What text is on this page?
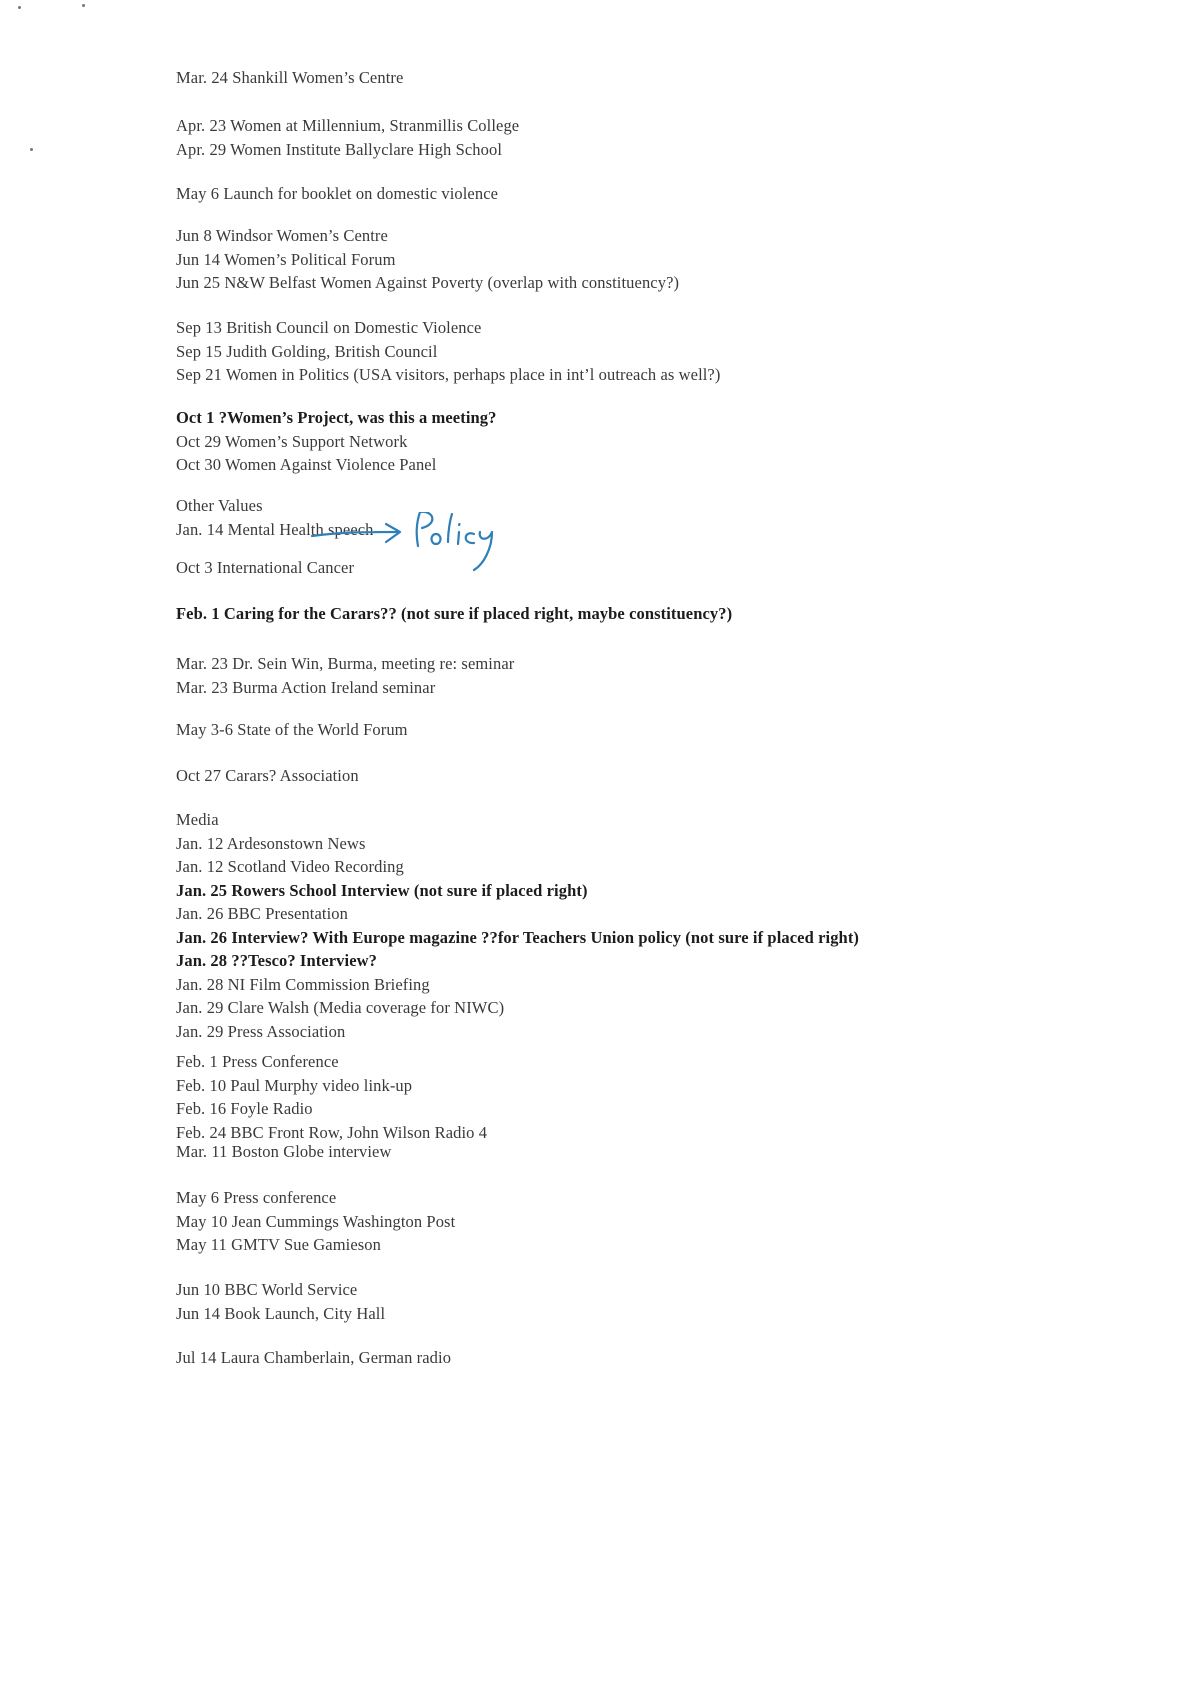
Mar. 24 Shankill Women’s Centre
Apr. 23 Women at Millennium, Stranmillis College
Apr. 29 Women Institute Ballyclare High School
May 6 Launch for booklet on domestic violence
Jun 8 Windsor Women’s Centre
Jun 14 Women’s Political Forum
Jun 25 N&W Belfast Women Against Poverty (overlap with constituency?)
Sep 13 British Council on Domestic Violence
Sep 15 Judith Golding, British Council
Sep 21 Women in Politics (USA visitors, perhaps place in int’l outreach as well?)
Oct 1 ?Women’s Project, was this a meeting?
Oct 29 Women’s Support Network
Oct 30 Women Against Violence Panel
Other Values
Jan. 14 Mental Health speech
Oct 3 International Cancer
Feb. 1 Caring for the Carars?? (not sure if placed right, maybe constituency?)
Mar. 23 Dr. Sein Win, Burma, meeting re: seminar
Mar. 23 Burma Action Ireland seminar
May 3-6 State of the World Forum
Oct 27 Carars? Association
Media
Jan. 12 Ardesonstown News
Jan. 12 Scotland Video Recording
Jan. 25 Rowers School Interview (not sure if placed right)
Jan. 26 BBC Presentation
Jan. 26 Interview? With Europe magazine ??for Teachers Union policy (not sure if placed right)
Jan. 28 ??Tesco? Interview?
Jan. 28 NI Film Commission Briefing
Jan. 29 Clare Walsh (Media coverage for NIWC)
Jan. 29 Press Association
Feb. 1 Press Conference
Feb. 10 Paul Murphy video link-up
Feb. 16 Foyle Radio
Feb. 24 BBC Front Row, John Wilson Radio 4
Mar. 11 Boston Globe interview
May 6 Press conference
May 10 Jean Cummings Washington Post
May 11 GMTV Sue Gamieson
Jun 10 BBC World Service
Jun 14 Book Launch, City Hall
Jul 14 Laura Chamberlain, German radio
